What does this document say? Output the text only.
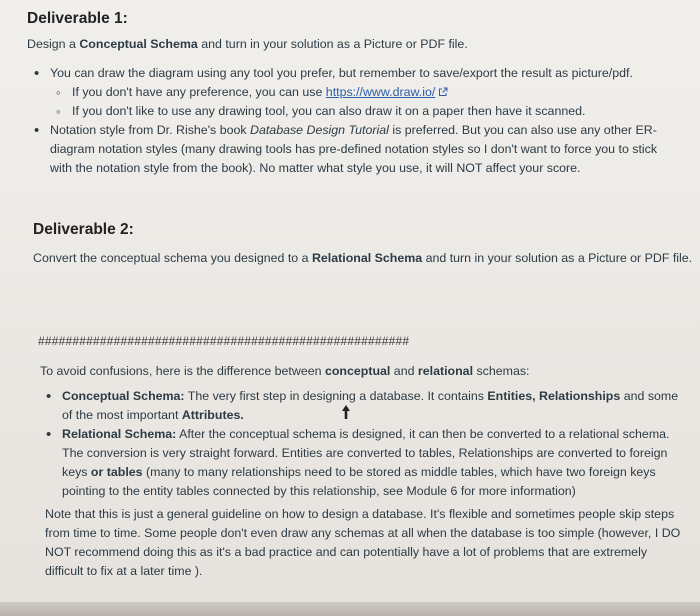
Deliverable 1:

Design a Conceptual Schema and turn in your solution as a Picture or PDF file.

• You can draw the diagram using any tool you prefer, but remember to save/export the result as picture/pdf.
◦ If you don't have any preference, you can use https://www.draw.io/
◦ If you don't like to use any drawing tool, you can also draw it on a paper then have it scanned.
• Notation style from Dr. Rishe's book Database Design Tutorial is preferred. But you can also use any other ER-diagram notation styles (many drawing tools has pre-defined notation styles so I don't want to force you to stick with the notation style from the book). No matter what style you use, it will NOT affect your score.
Deliverable 2:

Convert the conceptual schema you designed to a Relational Schema and turn in your solution as a Picture or PDF file.

######################################################

To avoid confusions, here is the difference between conceptual and relational schemas:

• Conceptual Schema: The very first step in designing a database. It contains Entities, Relationships and some of the most important Attributes.
• Relational Schema: After the conceptual schema is designed, it can then be converted to a relational schema. The conversion is very straight forward. Entities are converted to tables, Relationships are converted to foreign keys or tables (many to many relationships need to be stored as middle tables, which have two foreign keys pointing to the entity tables connected by this relationship, see Module 6 for more information)

Note that this is just a general guideline on how to design a database. It's flexible and sometimes people skip steps from time to time. Some people don't even draw any schemas at all when the database is too simple (however, I DO NOT recommend doing this as it's a bad practice and can potentially have a lot of problems that are extremely difficult to fix at a later time ).
